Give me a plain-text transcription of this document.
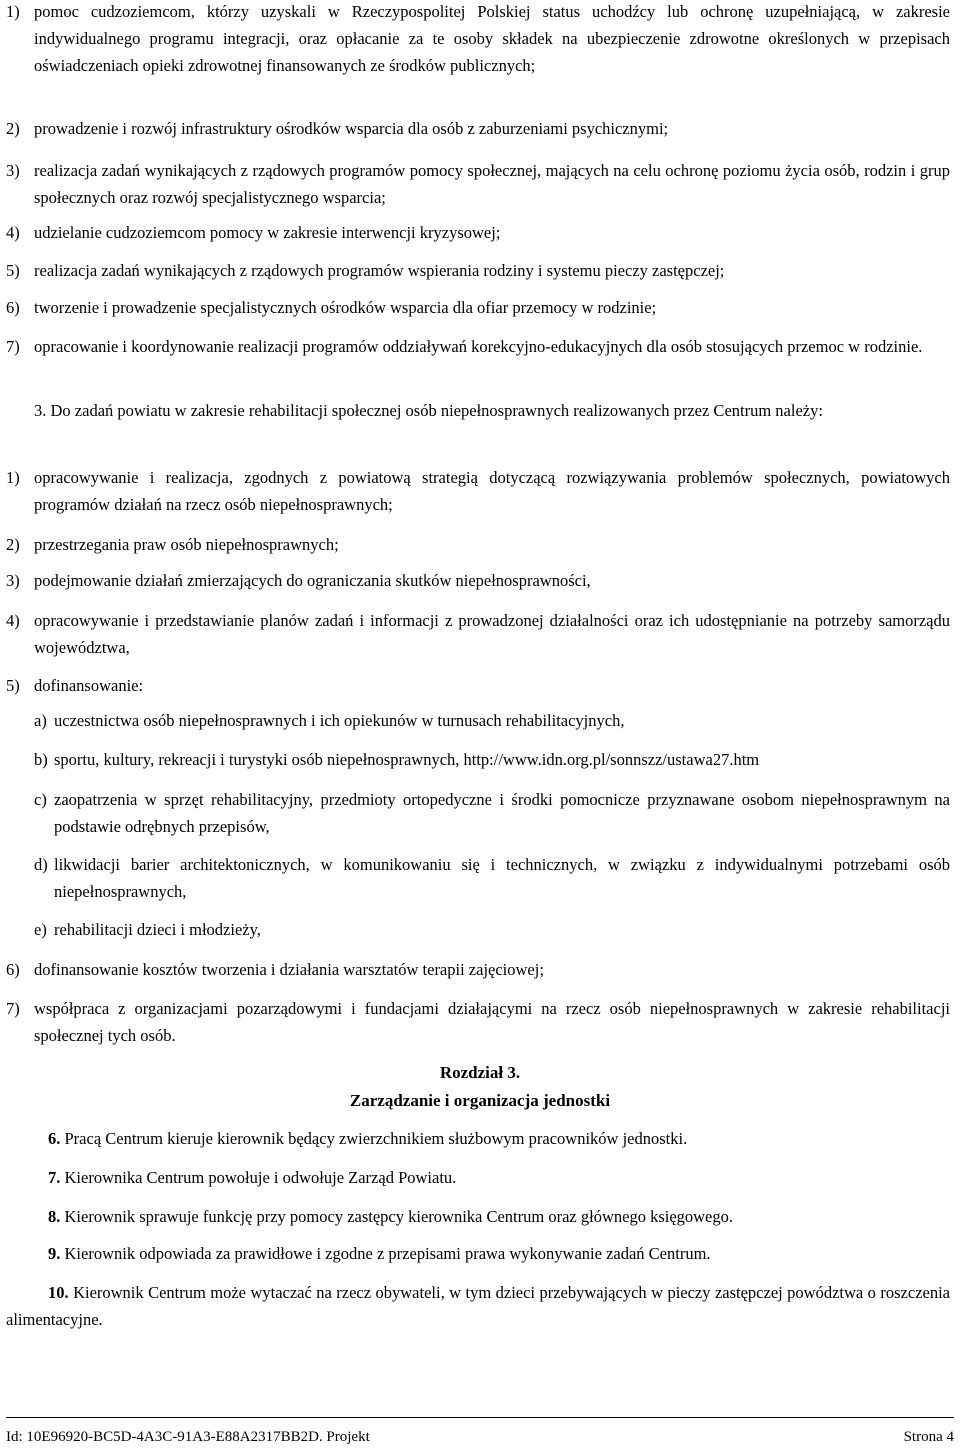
1) pomoc cudzoziemcom, którzy uzyskali w Rzeczypospolitej Polskiej status uchodźcy lub ochronę uzupełniającą, w zakresie indywidualnego programu integracji, oraz opłacanie za te osoby składek na ubezpieczenie zdrowotne określonych w przepisach oświadczeniach opieki zdrowotnej finansowanych ze środków publicznych;
2) prowadzenie i rozwój infrastruktury ośrodków wsparcia dla osób z zaburzeniami psychicznymi;
3) realizacja zadań wynikających z rządowych programów pomocy społecznej, mających na celu ochronę poziomu życia osób, rodzin i grup społecznych oraz rozwój specjalistycznego wsparcia;
4) udzielanie cudzoziemcom pomocy w zakresie interwencji kryzysowej;
5) realizacja zadań wynikających z rządowych programów wspierania rodziny i systemu pieczy zastępczej;
6) tworzenie i prowadzenie specjalistycznych ośrodków wsparcia dla ofiar przemocy w rodzinie;
7) opracowanie i koordynowanie realizacji programów oddziaływań korekcyjno-edukacyjnych dla osób stosujących przemoc w rodzinie.
3. Do zadań powiatu w zakresie rehabilitacji społecznej osób niepełnosprawnych realizowanych przez Centrum należy:
1) opracowywanie i realizacja, zgodnych z powiatową strategią dotyczącą rozwiązywania problemów społecznych, powiatowych programów działań na rzecz osób niepełnosprawnych;
2) przestrzegania praw osób niepełnosprawnych;
3) podejmowanie działań zmierzających do ograniczania skutków niepełnosprawności,
4) opracowywanie i przedstawianie planów zadań i informacji z prowadzonej działalności oraz ich udostępnianie na potrzeby samorządu województwa,
5) dofinansowanie:
a) uczestnictwa osób niepełnosprawnych i ich opiekunów w turnusach rehabilitacyjnych,
b) sportu, kultury, rekreacji i turystyki osób niepełnosprawnych, http://www.idn.org.pl/sonnszz/ustawa27.htm
c) zaopatrzenia w sprzęt rehabilitacyjny, przedmioty ortopedyczne i środki pomocnicze przyznawane osobom niepełnosprawnym na podstawie odrębnych przepisów,
d) likwidacji barier architektonicznych, w komunikowaniu się i technicznych, w związku z indywidualnymi potrzebami osób niepełnosprawnych,
e) rehabilitacji dzieci i młodzieży,
6) dofinansowanie kosztów tworzenia i działania warsztatów terapii zajęciowej;
7) współpraca z organizacjami pozarządowymi i fundacjami działającymi na rzecz osób niepełnosprawnych w zakresie rehabilitacji społecznej tych osób.
Rozdział 3.
Zarządzanie i organizacja jednostki
6. Pracą Centrum kieruje kierownik będący zwierzchnikiem służbowym pracowników jednostki.
7. Kierownika Centrum powołuje i odwołuje Zarząd Powiatu.
8. Kierownik sprawuje funkcję przy pomocy zastępcy kierownika Centrum oraz głównego księgowego.
9. Kierownik odpowiada za prawidłowe i zgodne z przepisami prawa wykonywanie zadań Centrum.
10. Kierownik Centrum może wytaczać na rzecz obywateli, w tym dzieci przebywających w pieczy zastępczej powództwa o roszczenia alimentacyjne.
Id: 10E96920-BC5D-4A3C-91A3-E88A2317BB2D. Projekt	Strona 4
